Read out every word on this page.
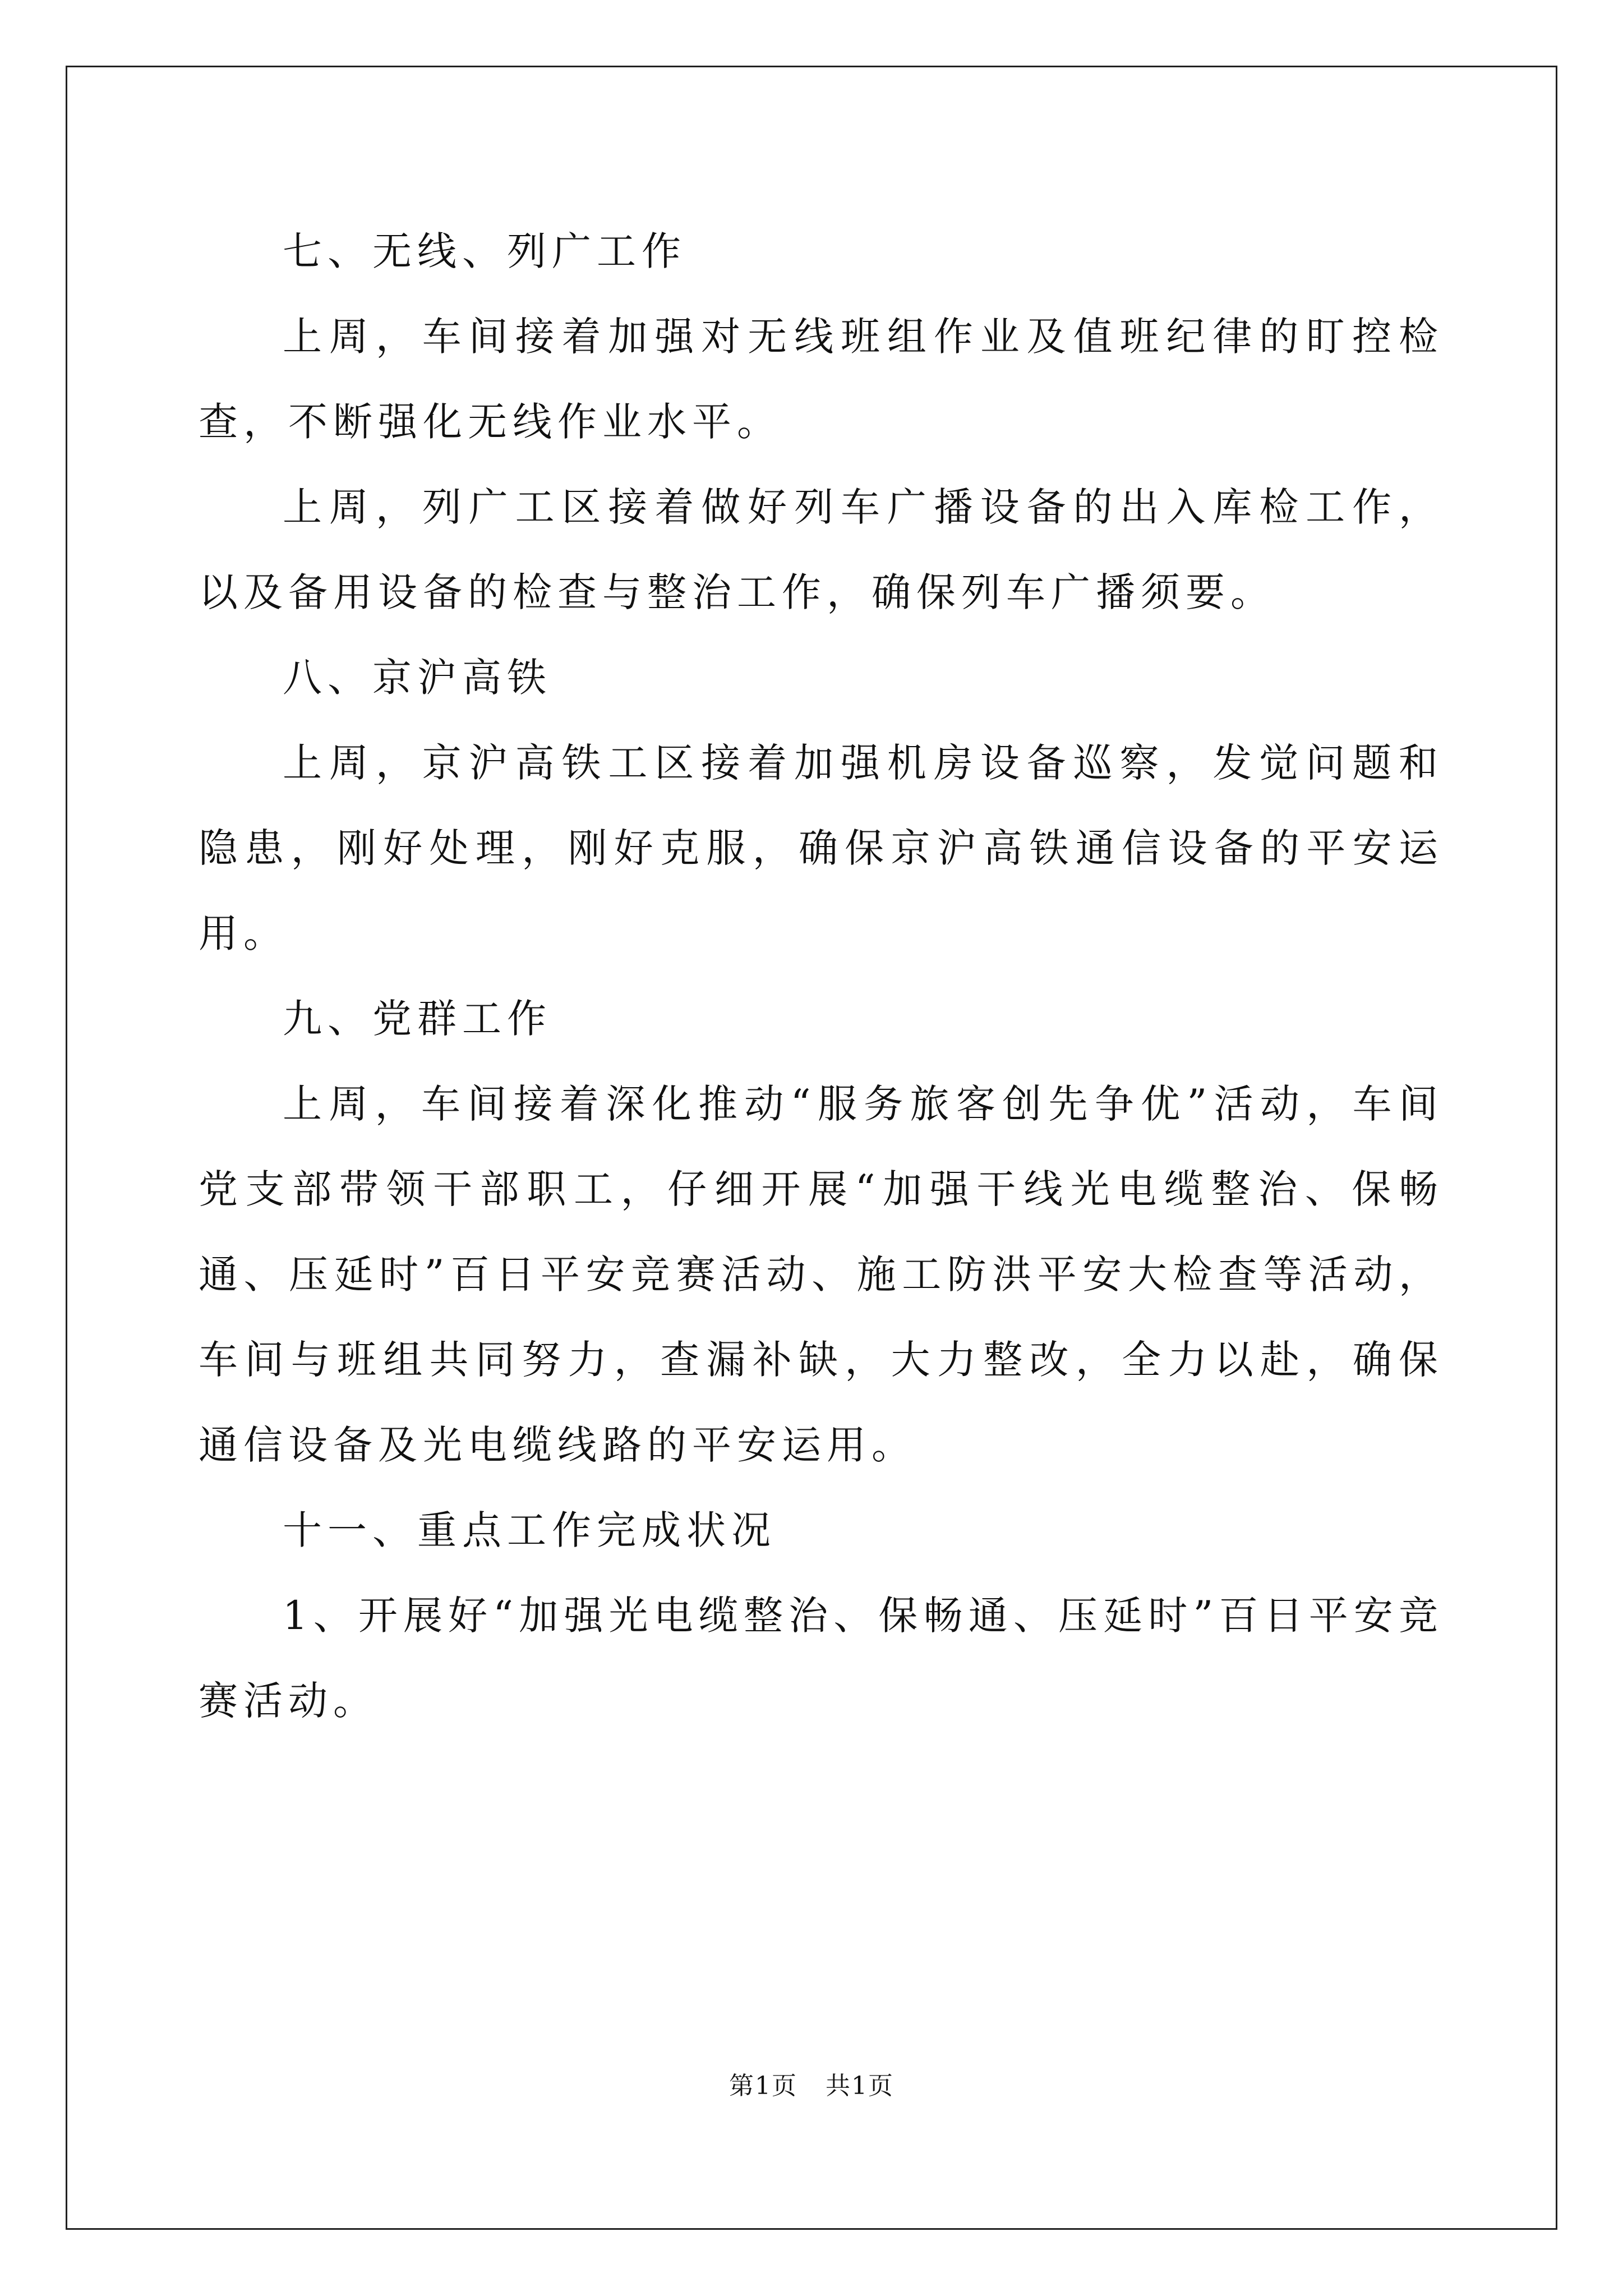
七、无线、列广工作

上周，车间接着加强对无线班组作业及值班纪律的盯控检查，不断强化无线作业水平。

上周，列广工区接着做好列车广播设备的出入库检工作，以及备用设备的检查与整治工作，确保列车广播须要。

八、京沪高铁

上周，京沪高铁工区接着加强机房设备巡察，发觉问题和隐患，刚好处理，刚好克服，确保京沪高铁通信设备的平安运用。

九、党群工作

上周，车间接着深化推动“服务旅客创先争优”活动，车间党支部带领干部职工，仔细开展“加强干线光电缆整治、保畅通、压延时”百日平安竞赛活动、施工防洪平安大检查等活动，车间与班组共同努力，查漏补缺，大力整改，全力以赴，确保通信设备及光电缆线路的平安运用。

十一、重点工作完成状况

1、开展好“加强光电缆整治、保畅通、压延时”百日平安竞赛活动。

第1页 共1页
